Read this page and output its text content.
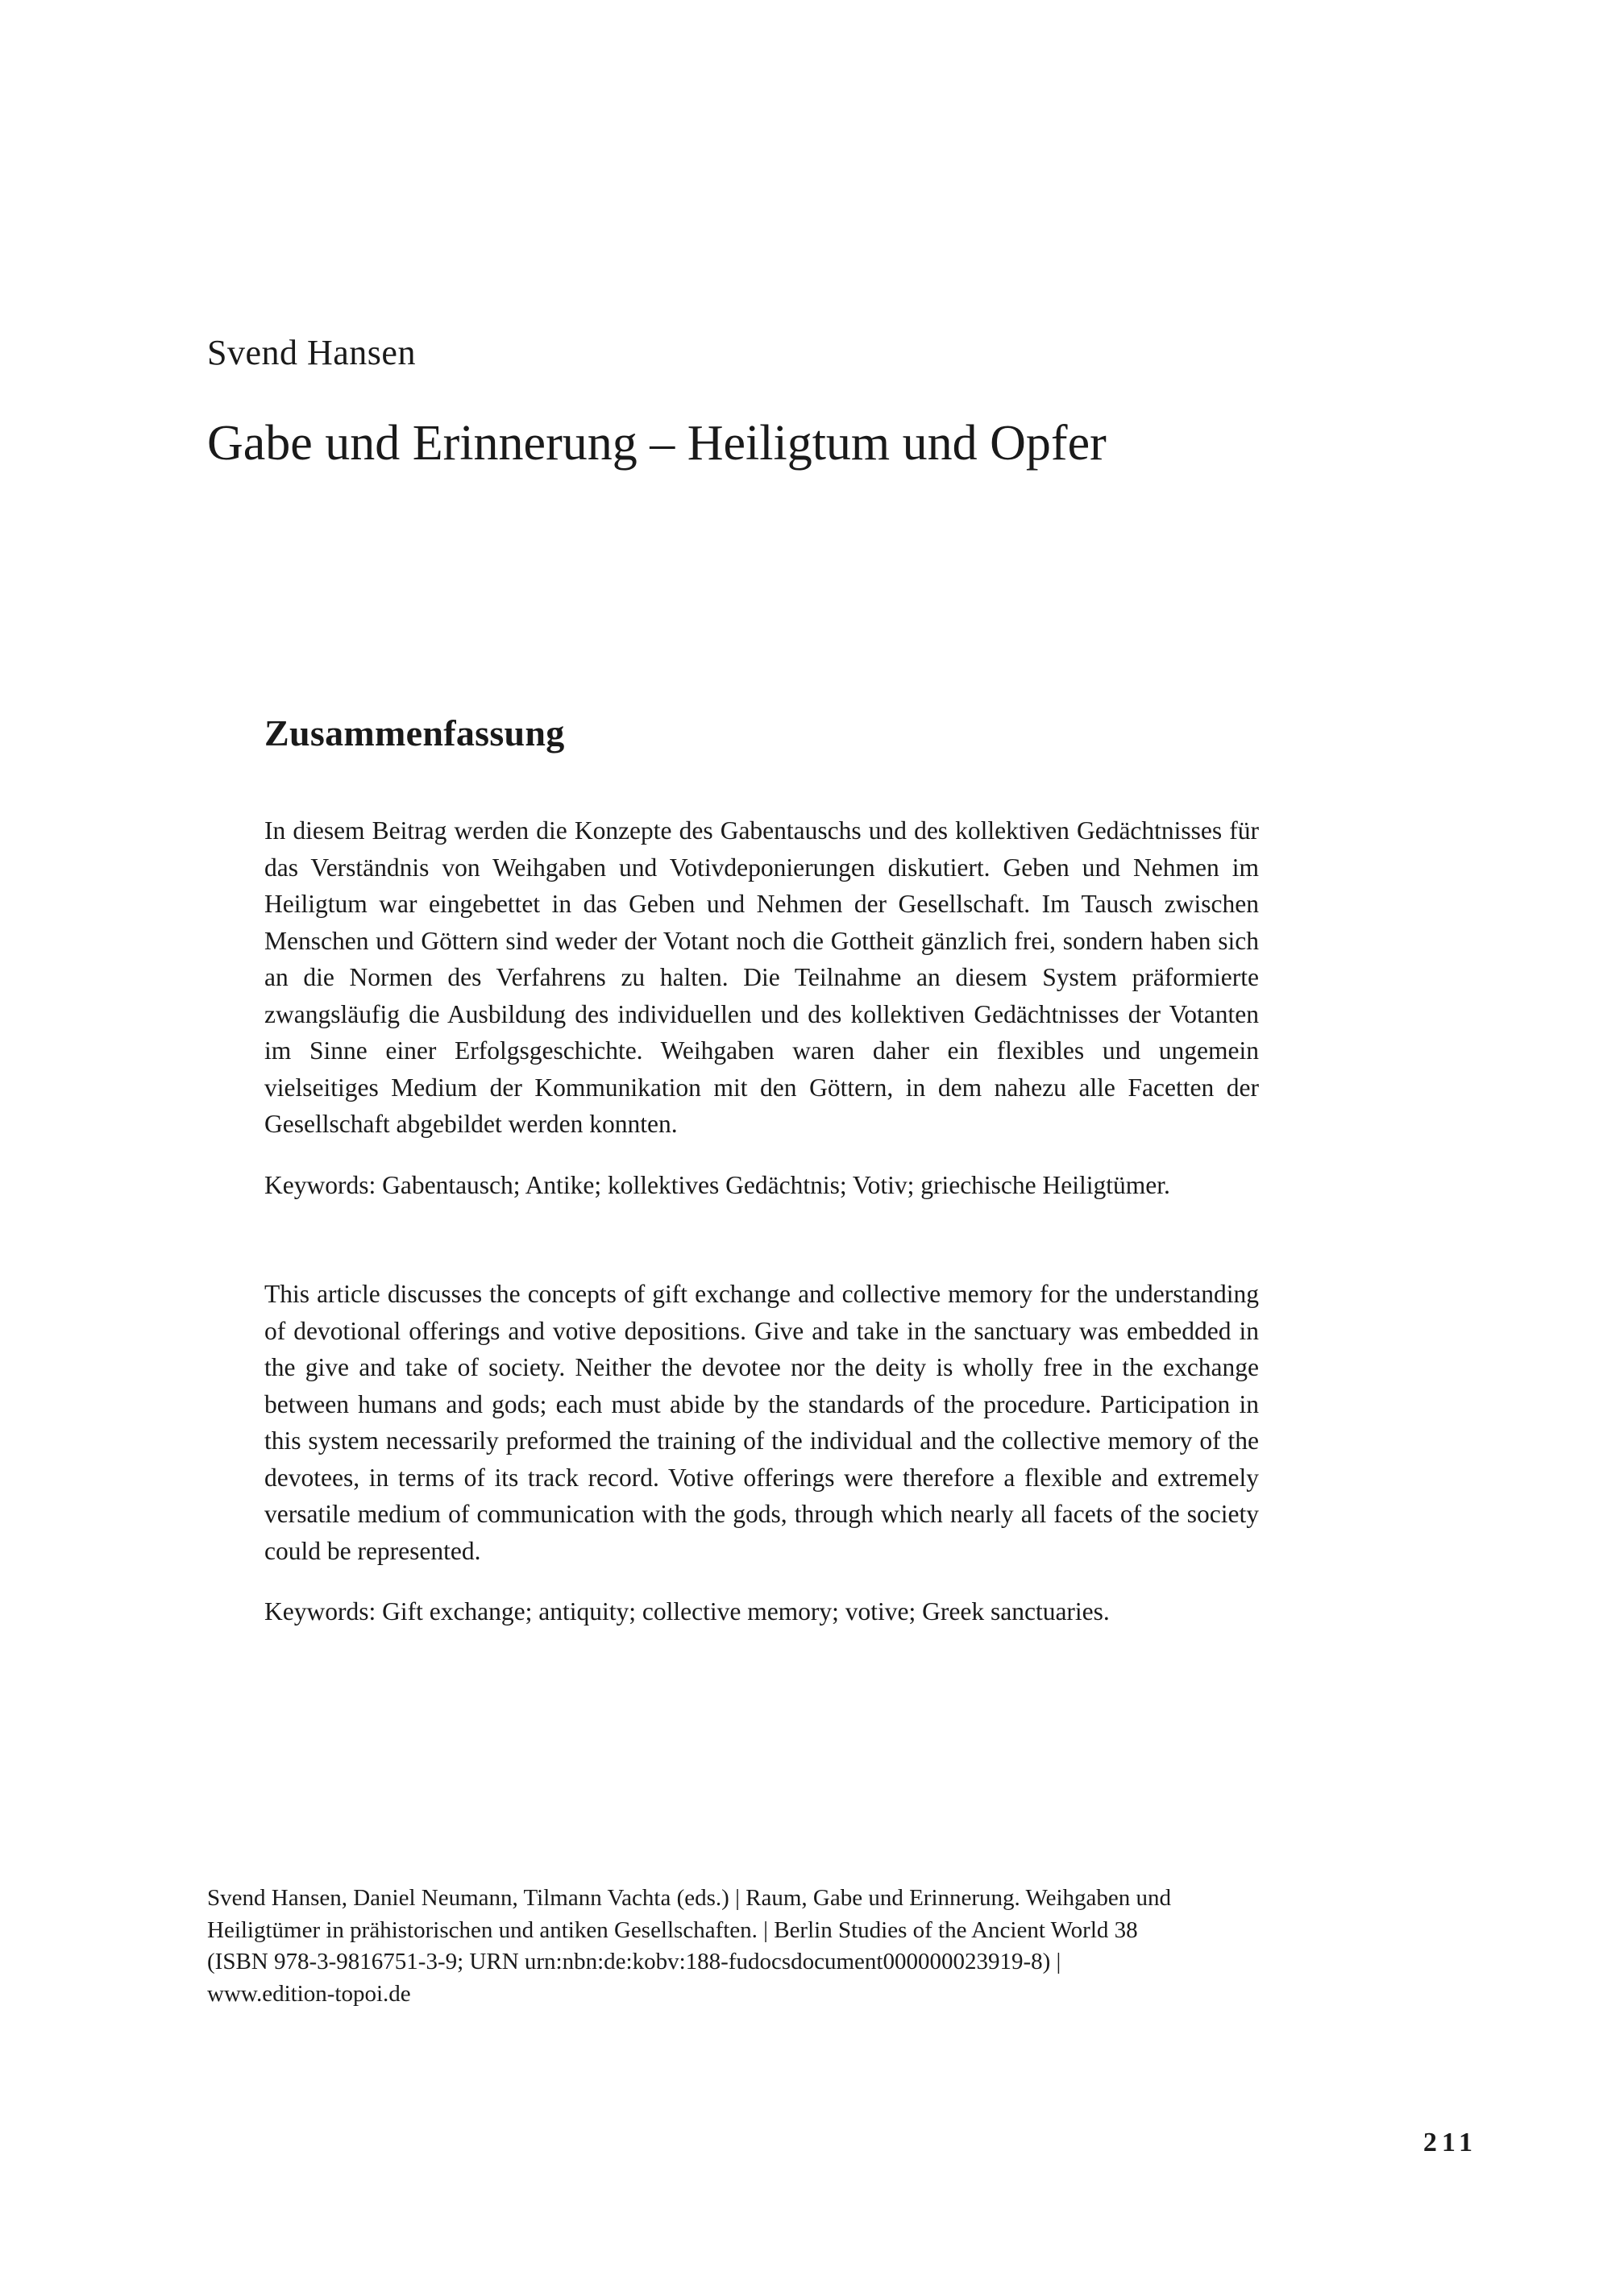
Svend Hansen
Gabe und Erinnerung – Heiligtum und Opfer
Zusammenfassung

In diesem Beitrag werden die Konzepte des Gabentauschs und des kollektiven Gedächtnisses für das Verständnis von Weihgaben und Votivdeponierungen diskutiert. Geben und Nehmen im Heiligtum war eingebettet in das Geben und Nehmen der Gesellschaft. Im Tausch zwischen Menschen und Göttern sind weder der Votant noch die Gottheit gänzlich frei, sondern haben sich an die Normen des Verfahrens zu halten. Die Teilnahme an diesem System präformierte zwangsläufig die Ausbildung des individuellen und des kollektiven Gedächtnisses der Votanten im Sinne einer Erfolgsgeschichte. Weihgaben waren daher ein flexibles und ungemein vielseitiges Medium der Kommunikation mit den Göttern, in dem nahezu alle Facetten der Gesellschaft abgebildet werden konnten.

Keywords: Gabentausch; Antike; kollektives Gedächtnis; Votiv; griechische Heiligtümer.

This article discusses the concepts of gift exchange and collective memory for the understanding of devotional offerings and votive depositions. Give and take in the sanctuary was embedded in the give and take of society. Neither the devotee nor the deity is wholly free in the exchange between humans and gods; each must abide by the standards of the procedure. Participation in this system necessarily preformed the training of the individual and the collective memory of the devotees, in terms of its track record. Votive offerings were therefore a flexible and extremely versatile medium of communication with the gods, through which nearly all facets of the society could be represented.

Keywords: Gift exchange; antiquity; collective memory; votive; Greek sanctuaries.

Svend Hansen, Daniel Neumann, Tilmann Vachta (eds.) | Raum, Gabe und Erinnerung. Weihgaben und
Heiligtümer in prähistorischen und antiken Gesellschaften. | Berlin Studies of the Ancient World 38
(ISBN 978-3-9816751-3-9; URN urn:nbn:de:kobv:188-fudocsdocument000000023919-8) |
www.edition-topoi.de
211
